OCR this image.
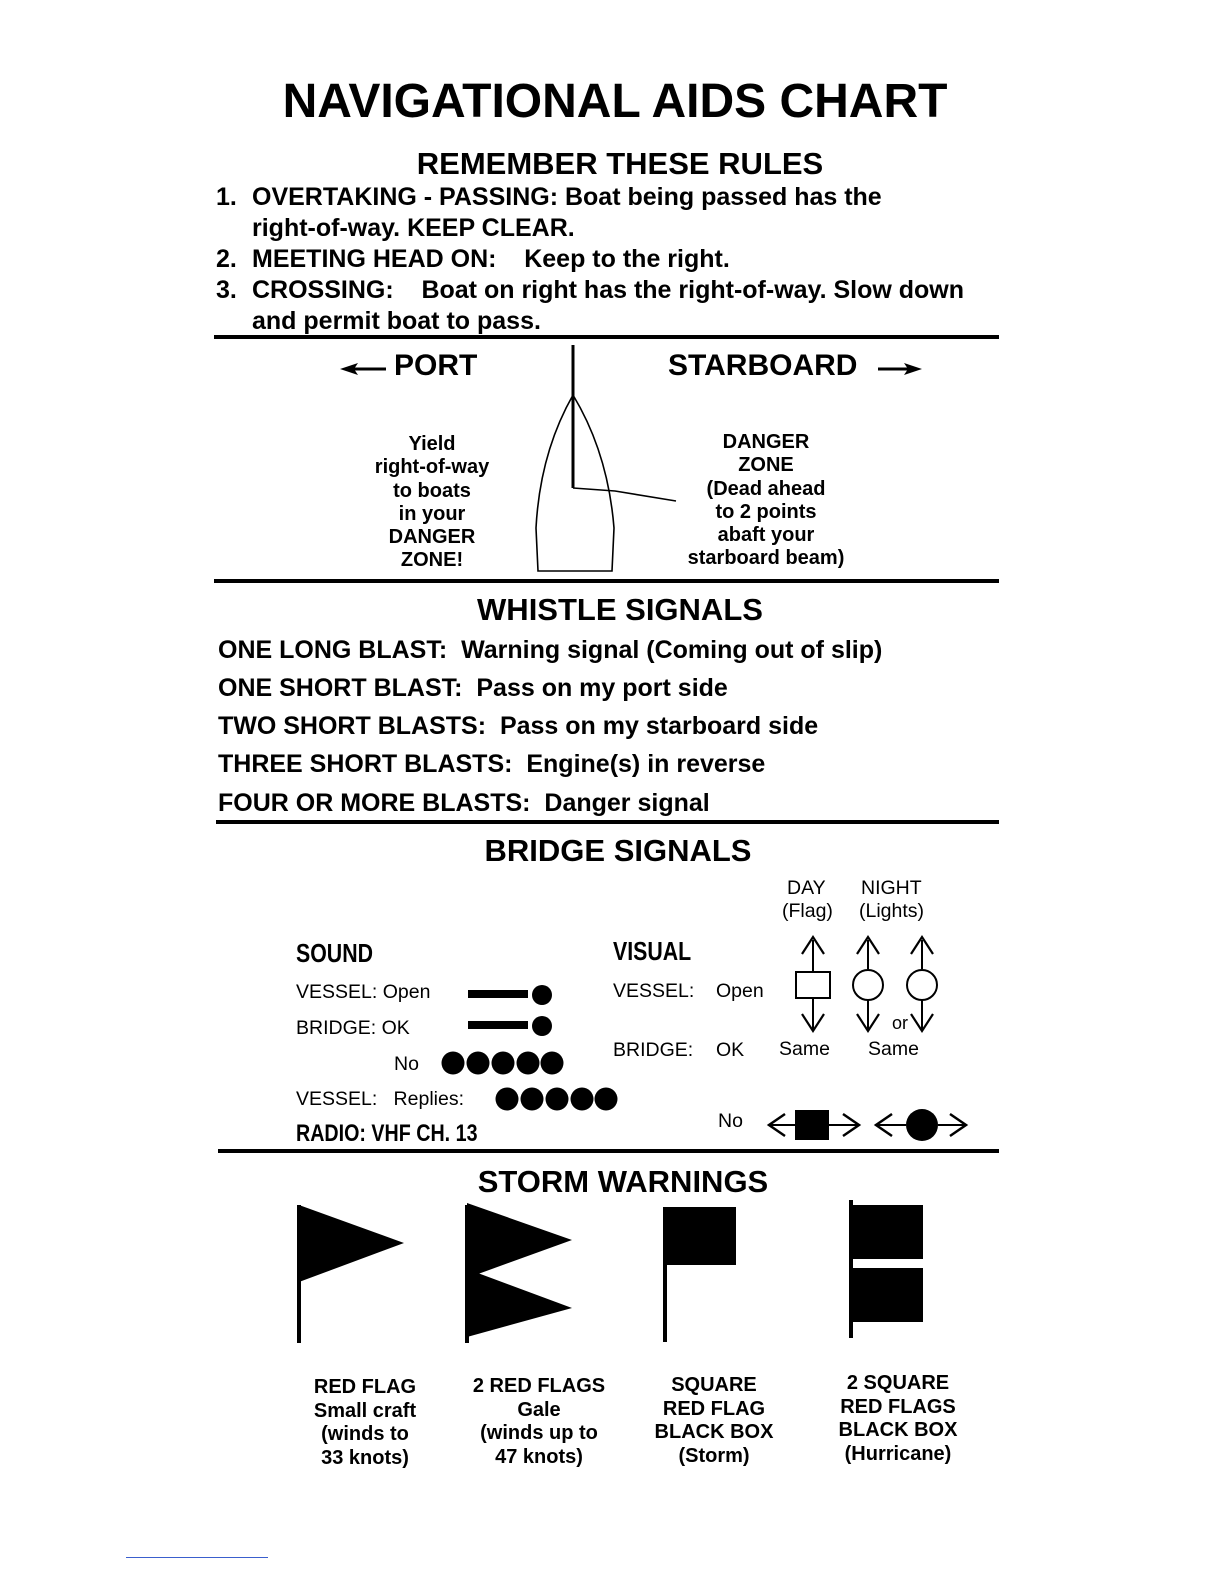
NAVIGATIONAL AIDS CHART
REMEMBER THESE RULES
1. OVERTAKING - PASSING: Boat being passed has the
right-of-way. KEEP CLEAR.
2. MEETING HEAD ON:    Keep to the right.
3. CROSSING:    Boat on right has the right-of-way. Slow down
and permit boat to pass.
PORT	STARBOARD
Yield
right-of-way
to boats
in your
DANGER
ZONE!
DANGER
ZONE
(Dead ahead
to 2 points
abaft your
starboard beam)
WHISTLE SIGNALS
ONE LONG BLAST: Warning signal (Coming out of slip)
ONE SHORT BLAST: Pass on my port side
TWO SHORT BLASTS: Pass on my starboard side
THREE SHORT BLASTS: Engine(s) in reverse
FOUR OR MORE BLASTS: Danger signal
BRIDGE SIGNALS
DAY
(Flag)
NIGHT
(Lights)
SOUND	VISUAL
VESSEL: Open
BRIDGE: OK
No
VESSEL:   Replies:
RADIO: VHF CH. 13
VESSEL: Open
BRIDGE: OK
or
Same Same
No
STORM WARNINGS
RED FLAG
Small craft
(winds to
33 knots)
2 RED FLAGS
Gale
(winds up to
47 knots)
SQUARE
RED FLAG
BLACK BOX
(Storm)
2 SQUARE
RED FLAGS
BLACK BOX
(Hurricane)
